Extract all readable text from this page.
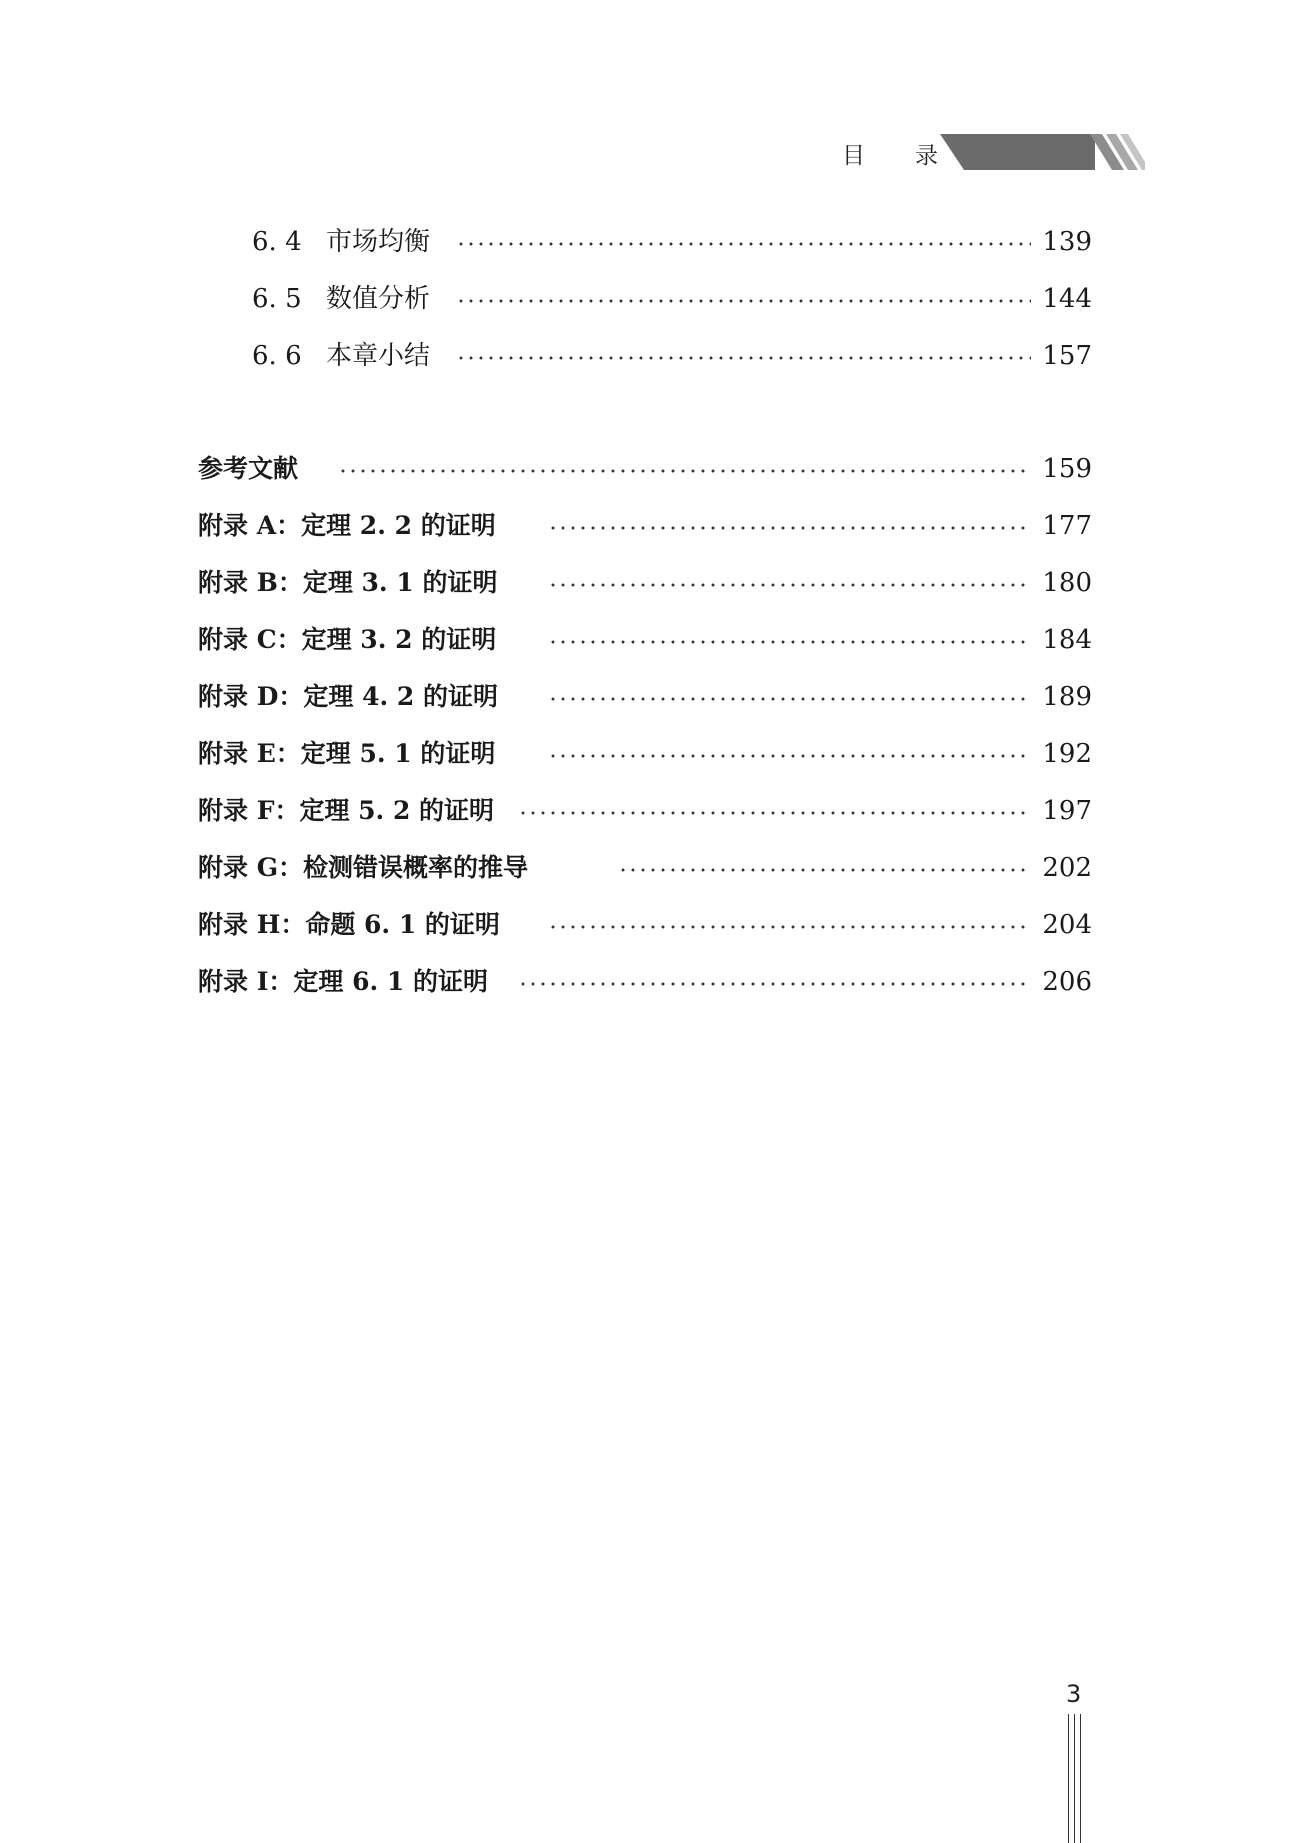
目 录
6. 4 市场均衡	139
6. 5 数值分析	144
6. 6 本章小结	157
参考文献	159
附录 A：定理 2. 2 的证明	177
附录 B：定理 3. 1 的证明	180
附录 C：定理 3. 2 的证明	184
附录 D：定理 4. 2 的证明	189
附录 E：定理 5. 1 的证明	192
附录 F：定理 5. 2 的证明	197
附录 G：检测错误概率的推导	202
附录 H：命题 6. 1 的证明	204
附录 I：定理 6. 1 的证明	206
3
